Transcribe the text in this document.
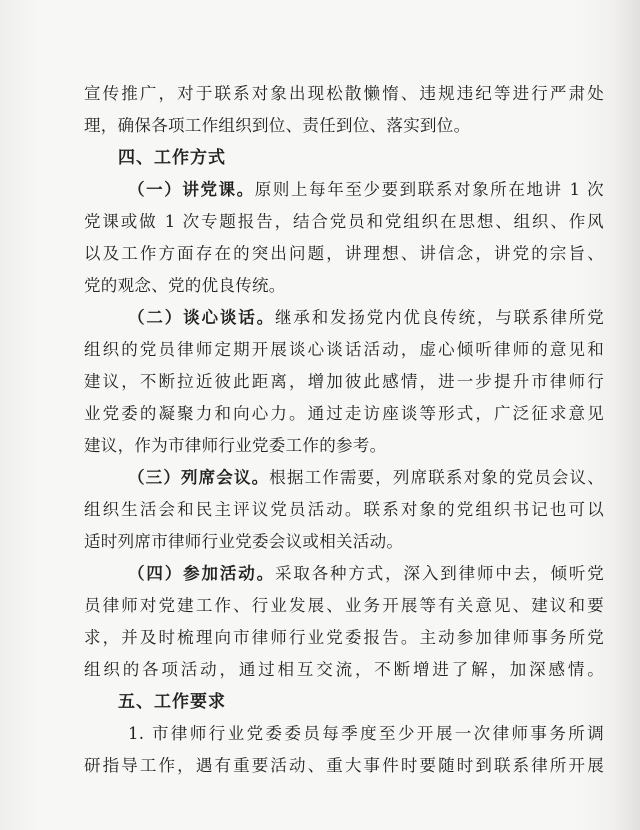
宣传推广，对于联系对象出现松散懒惰、违规违纪等进行严肃处
理，确保各项工作组织到位、责任到位、落实到位。
四、工作方式
（一）讲党课。原则上每年至少要到联系对象所在地讲 1 次
党课或做 1 次专题报告，结合党员和党组织在思想、组织、作风
以及工作方面存在的突出问题，讲理想、讲信念，讲党的宗旨、
党的观念、党的优良传统。
（二）谈心谈话。继承和发扬党内优良传统，与联系律所党
组织的党员律师定期开展谈心谈话活动，虚心倾听律师的意见和
建议，不断拉近彼此距离，增加彼此感情，进一步提升市律师行
业党委的凝聚力和向心力。通过走访座谈等形式，广泛征求意见
建议，作为市律师行业党委工作的参考。
（三）列席会议。根据工作需要，列席联系对象的党员会议、
组织生活会和民主评议党员活动。联系对象的党组织书记也可以
适时列席市律师行业党委会议或相关活动。
（四）参加活动。采取各种方式，深入到律师中去，倾听党
员律师对党建工作、行业发展、业务开展等有关意见、建议和要
求，并及时梳理向市律师行业党委报告。主动参加律师事务所党
组织的各项活动，通过相互交流，不断增进了解，加深感情。
五、工作要求
1. 市律师行业党委委员每季度至少开展一次律师事务所调
研指导工作，遇有重要活动、重大事件时要随时到联系律所开展
